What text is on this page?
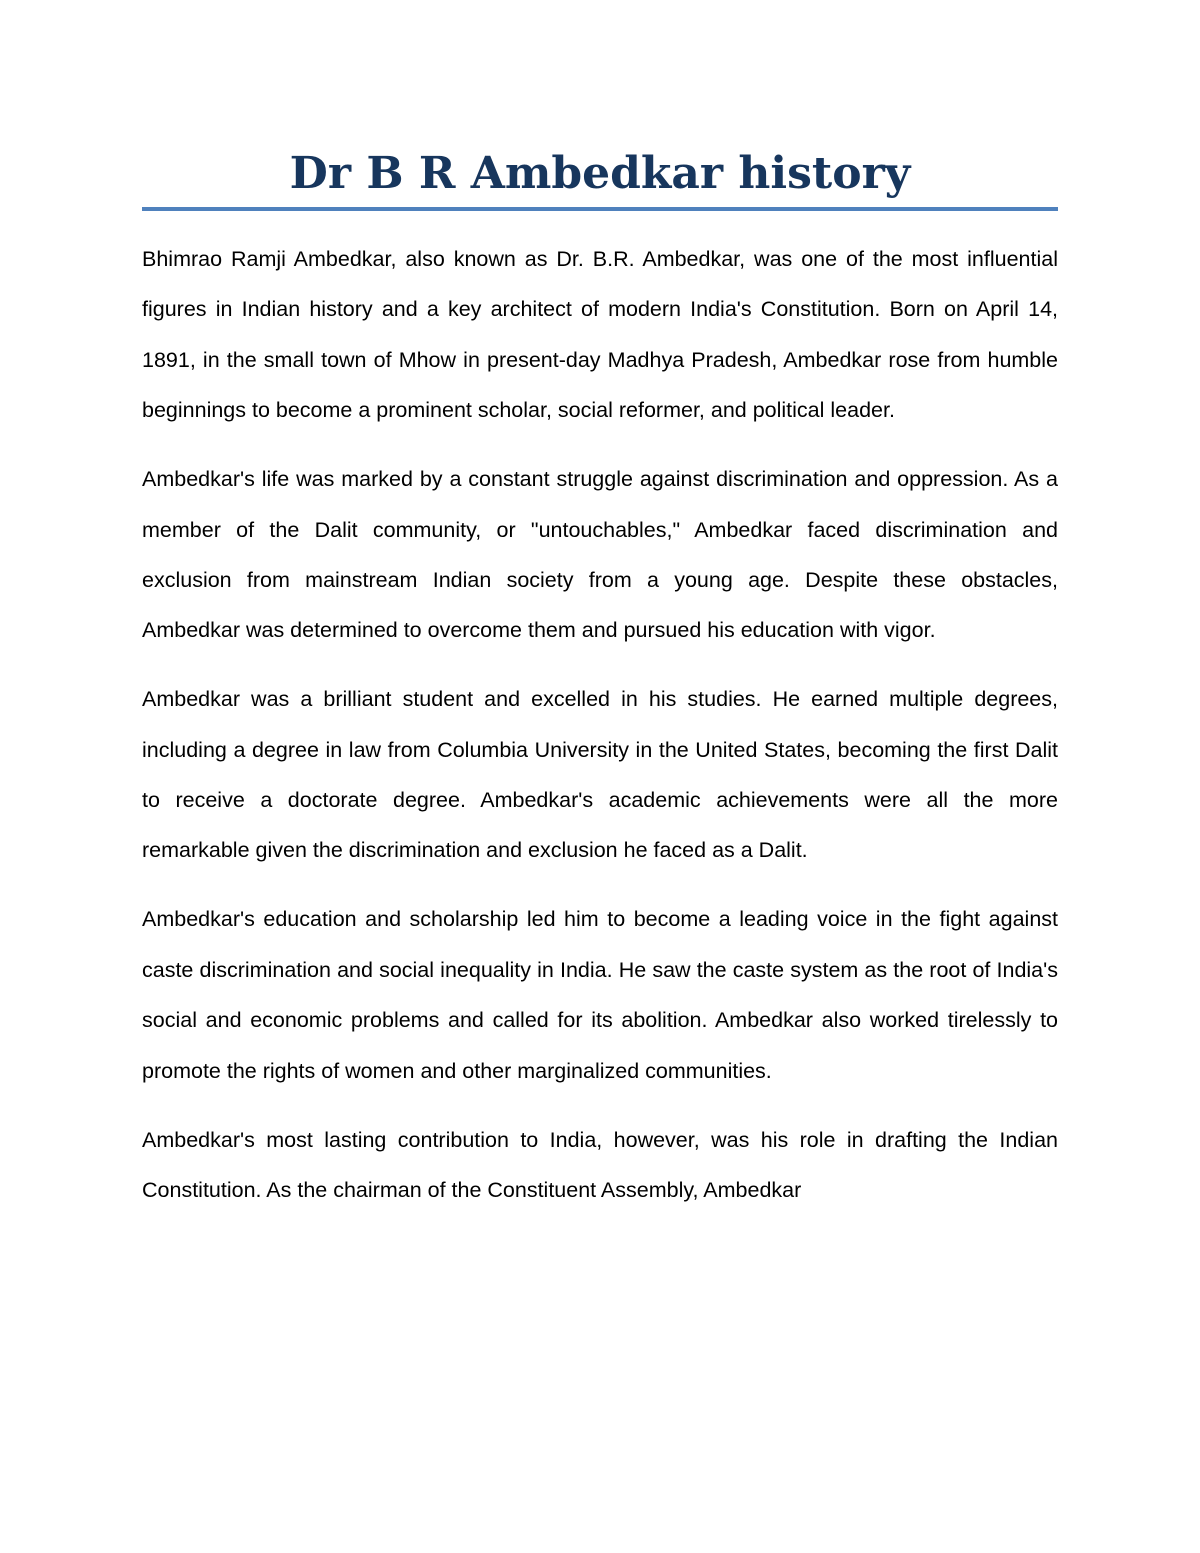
Dr B R Ambedkar history

Bhimrao Ramji Ambedkar, also known as Dr. B.R. Ambedkar, was one of the most influential figures in Indian history and a key architect of modern India's Constitution. Born on April 14, 1891, in the small town of Mhow in present-day Madhya Pradesh, Ambedkar rose from humble beginnings to become a prominent scholar, social reformer, and political leader.

Ambedkar's life was marked by a constant struggle against discrimination and oppression. As a member of the Dalit community, or "untouchables," Ambedkar faced discrimination and exclusion from mainstream Indian society from a young age. Despite these obstacles, Ambedkar was determined to overcome them and pursued his education with vigor.

Ambedkar was a brilliant student and excelled in his studies. He earned multiple degrees, including a degree in law from Columbia University in the United States, becoming the first Dalit to receive a doctorate degree. Ambedkar's academic achievements were all the more remarkable given the discrimination and exclusion he faced as a Dalit.

Ambedkar's education and scholarship led him to become a leading voice in the fight against caste discrimination and social inequality in India. He saw the caste system as the root of India's social and economic problems and called for its abolition. Ambedkar also worked tirelessly to promote the rights of women and other marginalized communities.

Ambedkar's most lasting contribution to India, however, was his role in drafting the Indian Constitution. As the chairman of the Constituent Assembly, Ambedkar
